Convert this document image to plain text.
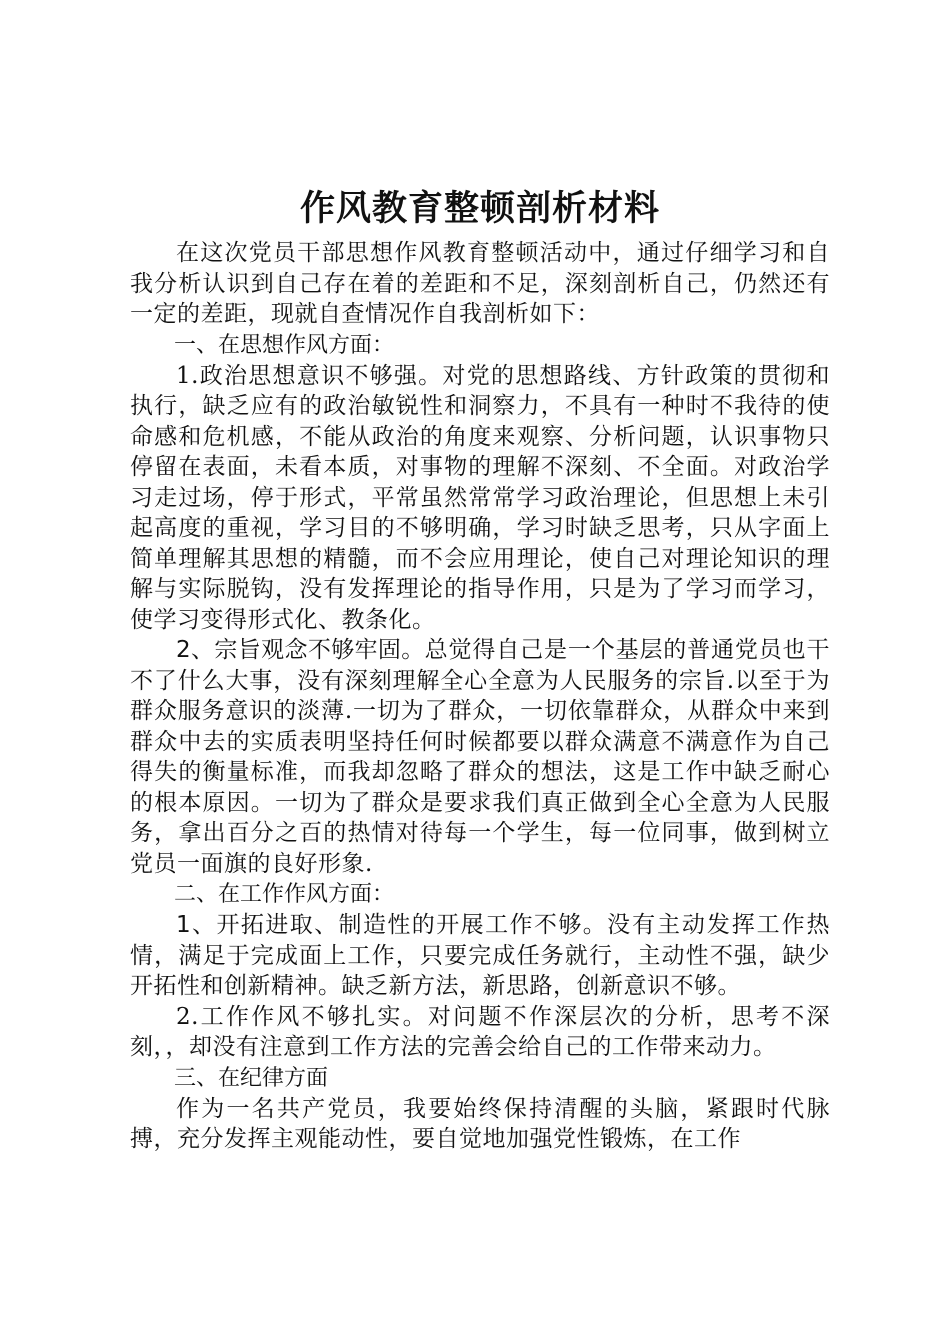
作风教育整顿剖析材料

在这次党员干部思想作风教育整顿活动中，通过仔细学习和自我分析认识到自己存在着的差距和不足，深刻剖析自己，仍然还有一定的差距，现就自查情况作自我剖析如下：

一、在思想作风方面：

1.政治思想意识不够强。对党的思想路线、方针政策的贯彻和执行，缺乏应有的政治敏锐性和洞察力，不具有一种时不我待的使命感和危机感，不能从政治的角度来观察、分析问题，认识事物只停留在表面，未看本质，对事物的理解不深刻、不全面。对政治学习走过场，停于形式，平常虽然常常学习政治理论，但思想上未引起高度的重视，学习目的不够明确，学习时缺乏思考，只从字面上简单理解其思想的精髓，而不会应用理论，使自己对理论知识的理解与实际脱钩，没有发挥理论的指导作用，只是为了学习而学习，使学习变得形式化、教条化。

2、宗旨观念不够牢固。总觉得自己是一个基层的普通党员也干不了什么大事，没有深刻理解全心全意为人民服务的宗旨.以至于为群众服务意识的淡薄.一切为了群众，一切依靠群众，从群众中来到群众中去的实质表明坚持任何时候都要以群众满意不满意作为自己得失的衡量标准，而我却忽略了群众的想法，这是工作中缺乏耐心的根本原因。一切为了群众是要求我们真正做到全心全意为人民服务，拿出百分之百的热情对待每一个学生，每一位同事，做到树立党员一面旗的良好形象.

二、在工作作风方面：

1、开拓进取、制造性的开展工作不够。没有主动发挥工作热情，满足于完成面上工作，只要完成任务就行，主动性不强，缺少开拓性和创新精神。缺乏新方法，新思路，创新意识不够。

2.工作作风不够扎实。对问题不作深层次的分析，思考不深刻，，却没有注意到工作方法的完善会给自己的工作带来动力。

三、在纪律方面

作为一名共产党员，我要始终保持清醒的头脑，紧跟时代脉搏，充分发挥主观能动性，要自觉地加强党性锻炼，在工作
